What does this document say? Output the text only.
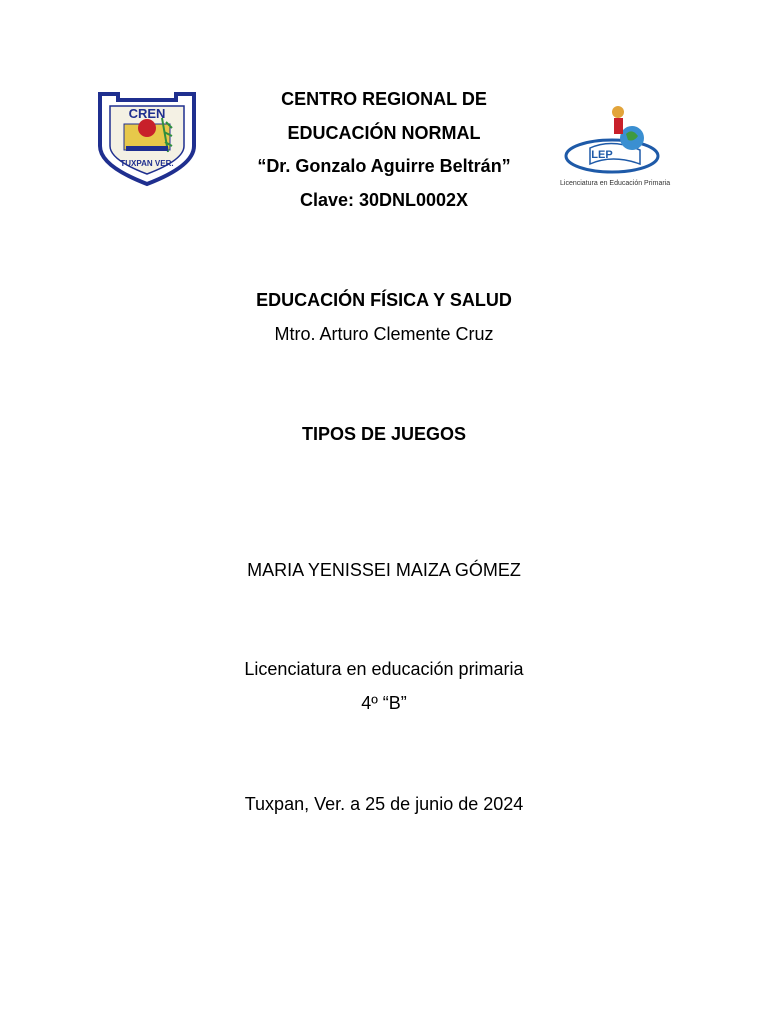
CREN
TUXPAN VER.
LEP
Licenciatura en Educación Primaria
CENTRO REGIONAL DE
EDUCACIÓN NORMAL
“Dr. Gonzalo Aguirre Beltrán”
Clave: 30DNL0002X
EDUCACIÓN FÍSICA Y SALUD
Mtro. Arturo Clemente Cruz
TIPOS DE JUEGOS
MARIA YENISSEI MAIZA GÓMEZ
Licenciatura en educación primaria
4º “B”
Tuxpan, Ver. a 25 de junio de 2024
